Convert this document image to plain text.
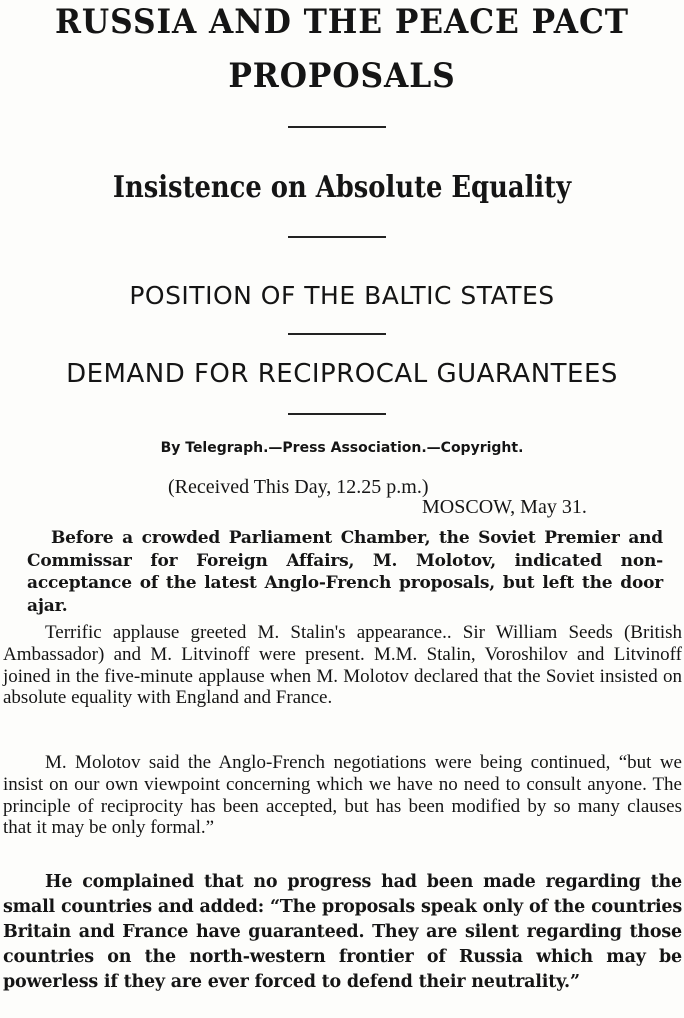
RUSSIA AND THE PEACE PACT
PROPOSALS
Insistence on Absolute Equality
POSITION OF THE BALTIC STATES
DEMAND FOR RECIPROCAL GUARANTEES
By Telegraph.—Press Association.—Copyright.
(Received This Day, 12.25 p.m.)
MOSCOW, May 31.

Before a crowded Parliament Chamber, the Soviet Premier and Commissar for Foreign Affairs, M. Molotov, indicated non-acceptance of the latest Anglo-French proposals, but left the door ajar.

Terrific applause greeted M. Stalin's appearance.. Sir William Seeds (British Ambassador) and M. Litvinoff were present. M.M. Stalin, Voroshilov and Litvinoff joined in the five-minute applause when M. Molotov declared that the Soviet insisted on absolute equality with England and France.

M. Molotov said the Anglo-French negotiations were being continued, “but we insist on our own viewpoint concerning which we have no need to consult anyone. The principle of reciprocity has been accepted, but has been modified by so many clauses that it may be only formal.”

He complained that no progress had been made regarding the small countries and added: “The proposals speak only of the countries Britain and France have guaranteed. They are silent regarding those countries on the north-western frontier of Russia which may be powerless if they are ever forced to defend their neutrality.”
